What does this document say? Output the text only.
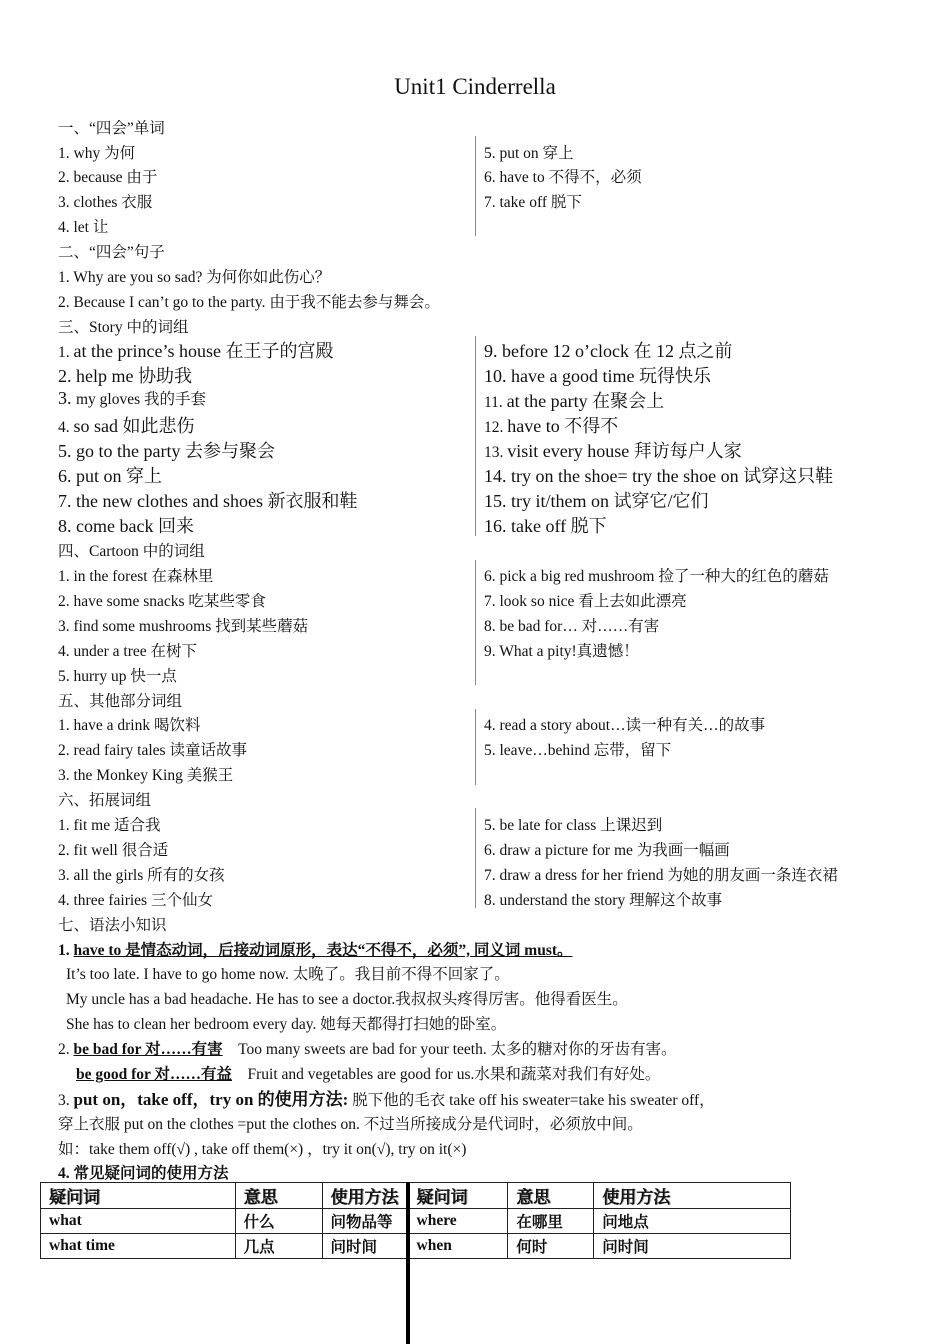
Unit1 Cinderrella
一、“四会”单词
1. why 为何
2. because 由于
3. clothes 衣服
4. let 让
5. put on 穿上
6. have to 不得不，必须
7. take off 脱下
二、“四会”句子
1. Why are you so sad? 为何你如此伤心？
2. Because I can’t go to the party. 由于我不能去参与舞会。
三、Story 中的词组
1. at the prince’s house 在王子的宫殿
2. help me 协助我
3. my gloves 我的手套
4. so sad 如此悲伤
5. go to the party 去参与聚会
6. put on 穿上
7. the new clothes and shoes 新衣服和鞋
8. come back 回来
9. before 12 o’clock 在 12 点之前
10. have a good time 玩得快乐
11. at the party 在聚会上
12. have to 不得不
13. visit every house 拜访每户人家
14. try on the shoe= try the shoe on 试穿这只鞋
15. try it/them on 试穿它/它们
16. take off 脱下
四、Cartoon 中的词组
1. in the forest 在森林里
2. have some snacks 吃某些零食
3. find some mushrooms 找到某些蘑菇
4. under a tree 在树下
5. hurry up 快一点
6. pick a big red mushroom 捡了一种大的红色的蘑菇
7. look so nice 看上去如此漂亮
8. be bad for… 对……有害
9. What a pity!真遗憾！
五、其他部分词组
1. have a drink 喝饮料
2. read fairy tales 读童话故事
3. the Monkey King 美猴王
4. read a story about…读一种有关…的故事
5. leave…behind 忘带，留下
六、拓展词组
1. fit me 适合我
2. fit well 很合适
3. all the girls 所有的女孩
4. three fairies 三个仙女
5. be late for class 上课迟到
6. draw a picture for me 为我画一幅画
7. draw a dress for her friend 为她的朋友画一条连衣裙
8. understand the story 理解这个故事
七、语法小知识
1. have to 是情态动词，后接动词原形，表达“不得不，必须”, 同义词 must。
It’s too late. I have to go home now. 太晚了。我目前不得不回家了。
My uncle has a bad headache. He has to see a doctor.我叔叔头疼得厉害。他得看医生。
She has to clean her bedroom every day. 她每天都得打扫她的卧室。
2. be bad for 对……有害 Too many sweets are bad for your teeth. 太多的糖对你的牙齿有害。
be good for 对……有益 Fruit and vegetables are good for us.水果和蔬菜对我们有好处。
3. put on，take off，try on 的使用方法: 脱下他的毛衣 take off his sweater=take his sweater off，
穿上衣服 put on the clothes =put the clothes on. 不过当所接成分是代词时，必须放中间。
如：take them off(√) , take off them(×) ，try it on(√), try on it(×)
4. 常见疑问词的使用方法
疑问词	意思	使用方法	疑问词	意思	使用方法
what	什么	问物品等	where	在哪里	问地点
what time	几点	问时间	when	何时	问时间
